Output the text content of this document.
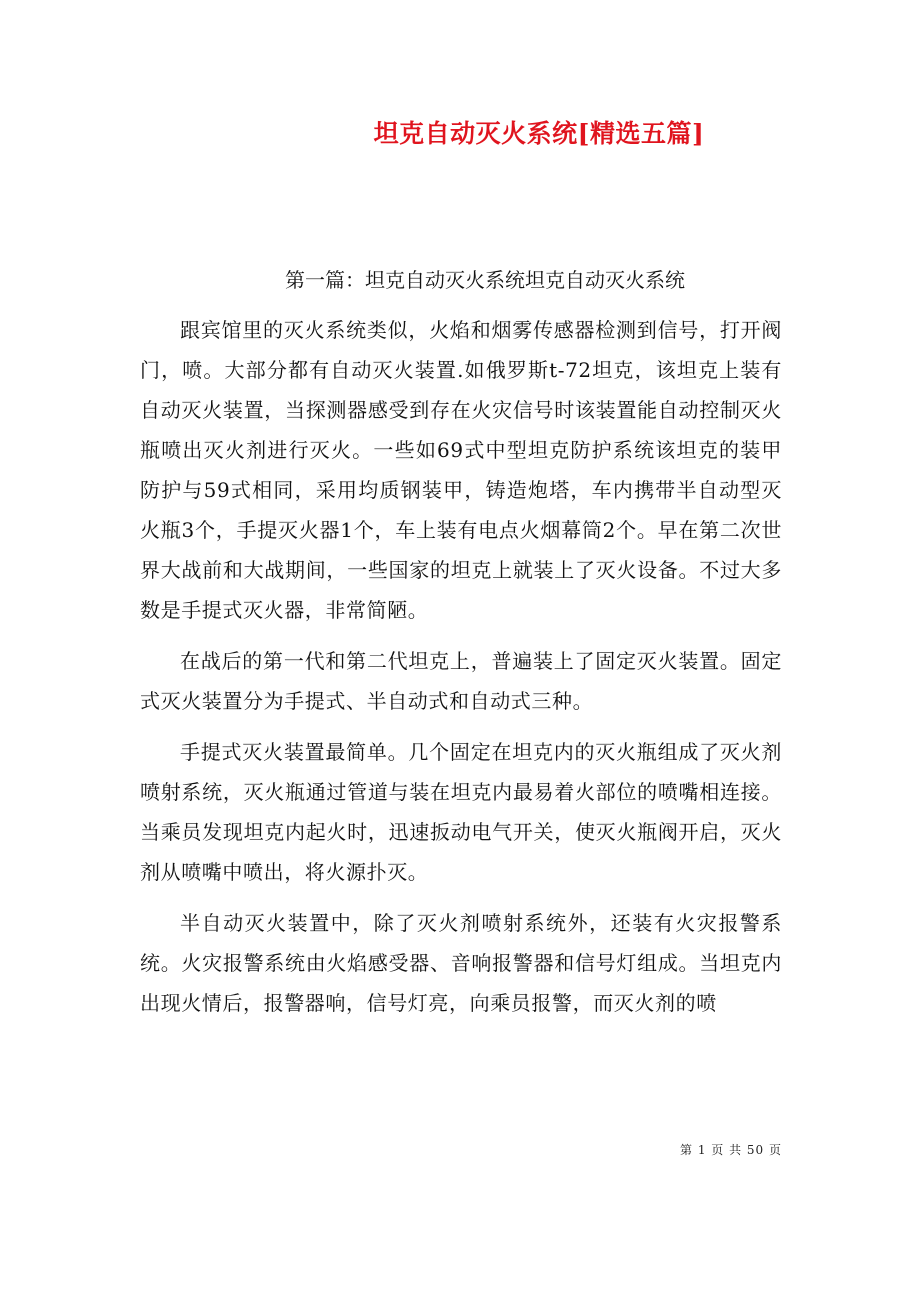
坦克自动灭火系统[精选五篇]
第一篇：坦克自动灭火系统坦克自动灭火系统

跟宾馆里的灭火系统类似，火焰和烟雾传感器检测到信号，打开阀门，喷。大部分都有自动灭火装置.如俄罗斯t-72坦克，该坦克上装有自动灭火装置，当探测器感受到存在火灾信号时该装置能自动控制灭火瓶喷出灭火剂进行灭火。一些如69式中型坦克防护系统该坦克的装甲防护与59式相同，采用均质钢装甲，铸造炮塔，车内携带半自动型灭火瓶3个，手提灭火器1个，车上装有电点火烟幕筒2个。早在第二次世界大战前和大战期间，一些国家的坦克上就装上了灭火设备。不过大多数是手提式灭火器，非常简陋。

在战后的第一代和第二代坦克上，普遍装上了固定灭火装置。固定式灭火装置分为手提式、半自动式和自动式三种。

手提式灭火装置最简单。几个固定在坦克内的灭火瓶组成了灭火剂喷射系统，灭火瓶通过管道与装在坦克内最易着火部位的喷嘴相连接。当乘员发现坦克内起火时，迅速扳动电气开关，使灭火瓶阀开启，灭火剂从喷嘴中喷出，将火源扑灭。

半自动灭火装置中，除了灭火剂喷射系统外，还装有火灾报警系统。火灾报警系统由火焰感受器、音响报警器和信号灯组成。当坦克内出现火情后，报警器响，信号灯亮，向乘员报警，而灭火剂的喷

第 1 页 共 50 页
